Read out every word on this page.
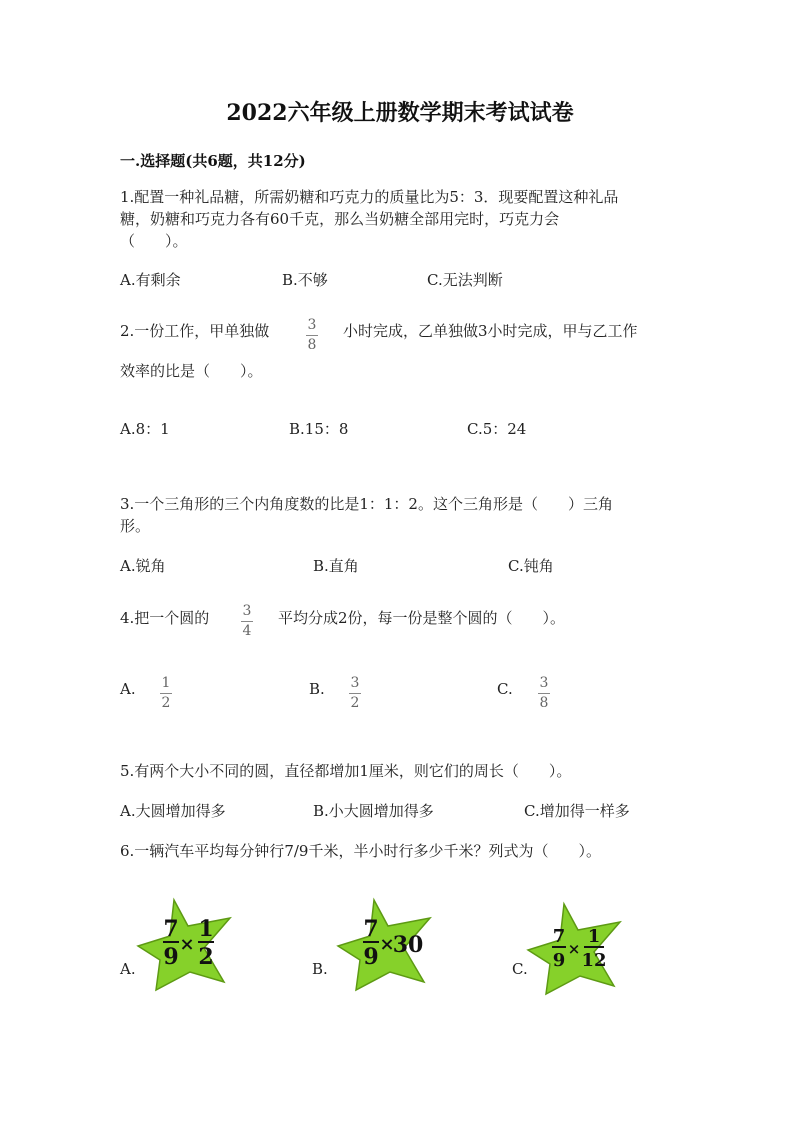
2022六年级上册数学期末考试试卷
一.选择题(共6题，共12分)
1.配置一种礼品糖，所需奶糖和巧克力的质量比为5：3．现要配置这种礼品
糖，奶糖和巧克力各有60千克，那么当奶糖全部用完时，巧克力会
（　　）。
A.有剩余	B.不够	C.无法判断
2.一份工作，甲单独做	3
8
小时完成，乙单独做3小时完成，甲与乙工作
效率的比是（　　）。
A.8：1	B.15：8	C.5：24
3.一个三角形的三个内角度数的比是1：1：2。这个三角形是（　　）三角
形。
A.锐角	B.直角	C.钝角
4.把一个圆的 3
4
平均分成2份，每一份是整个圆的（　　）。
A. 1
2
B. 3
2
C. 3
8
5.有两个大小不同的圆，直径都增加1厘米，则它们的周长（　　）。
A.大圆增加得多	B.小大圆增加得多	C.增加得一样多
6.一辆汽车平均每分钟行7/9千米，半小时行多少千米？列式为（　　）。
A.
7
9 ×
1
2	B.
7
9 ×
30
C.
7
9
×
1
12
